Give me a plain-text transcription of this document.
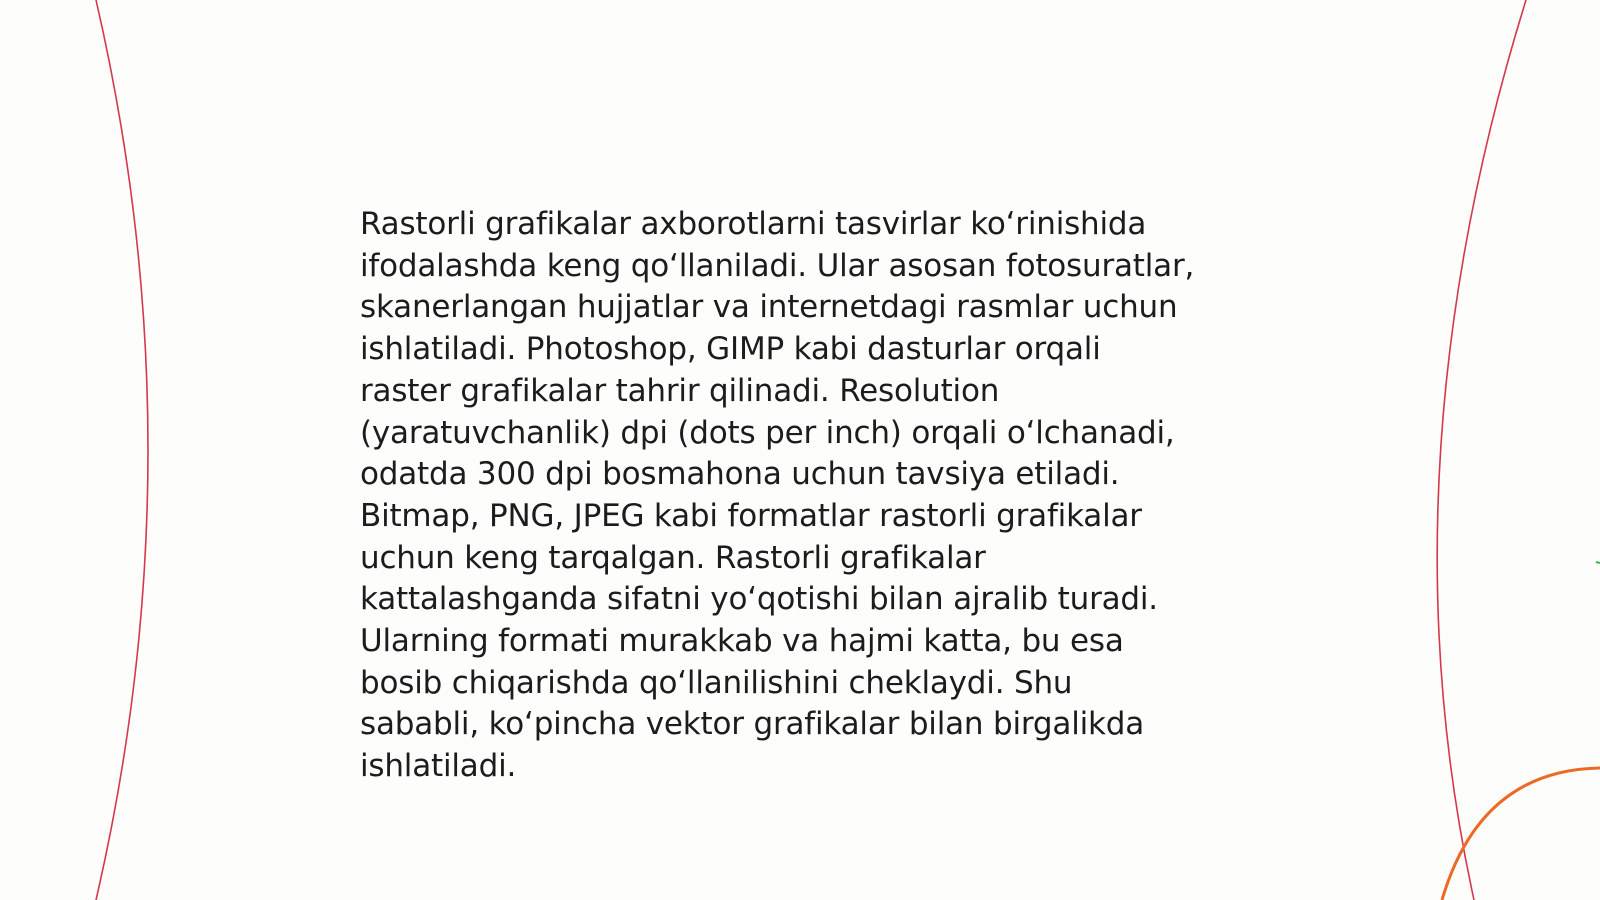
Rastorli grafikalar axborotlarni tasvirlar ko‘rinishida
ifodalashda keng qo‘llaniladi. Ular asosan fotosuratlar,
skanerlangan hujjatlar va internetdagi rasmlar uchun
ishlatiladi. Photoshop, GIMP kabi dasturlar orqali
raster grafikalar tahrir qilinadi. Resolution
(yaratuvchanlik) dpi (dots per inch) orqali o‘lchanadi,
odatda 300 dpi bosmahona uchun tavsiya etiladi.
Bitmap, PNG, JPEG kabi formatlar rastorli grafikalar
uchun keng tarqalgan. Rastorli grafikalar
kattalashganda sifatni yo‘qotishi bilan ajralib turadi.
Ularning formati murakkab va hajmi katta, bu esa
bosib chiqarishda qo‘llanilishini cheklaydi. Shu
sababli, ko‘pincha vektor grafikalar bilan birgalikda
ishlatiladi.
